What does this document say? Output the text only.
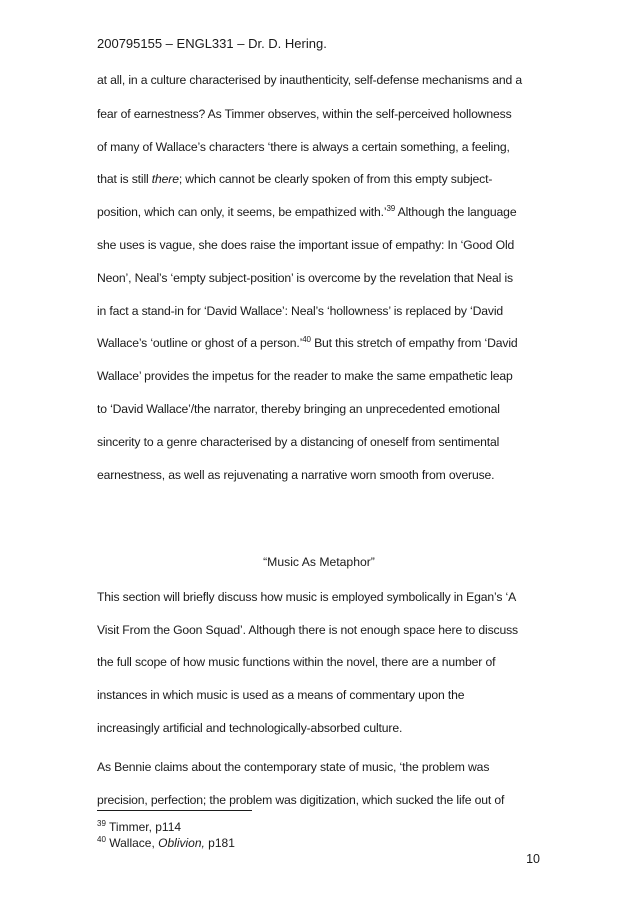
200795155 – ENGL331 – Dr. D. Hering.
at all, in a culture characterised by inauthenticity, self-defense mechanisms and a
fear of earnestness? As Timmer observes, within the self-perceived hollowness
of many of Wallace’s characters ‘there is always a certain something, a feeling,
that is still there; which cannot be clearly spoken of from this empty subject-
position, which can only, it seems, be empathized with.’$^{39}$ Although the language
she uses is vague, she does raise the important issue of empathy: In ‘Good Old
Neon’, Neal’s ‘empty subject-position’ is overcome by the revelation that Neal is
in fact a stand-in for ‘David Wallace’: Neal’s ‘hollowness’ is replaced by ‘David
Wallace’s ‘outline or ghost of a person.’$^{40}$ But this stretch of empathy from ‘David
Wallace’ provides the impetus for the reader to make the same empathetic leap
to ‘David Wallace’/the narrator, thereby bringing an unprecedented emotional
sincerity to a genre characterised by a distancing of oneself from sentimental
earnestness, as well as rejuvenating a narrative worn smooth from overuse.
“Music As Metaphor”
This section will briefly discuss how music is employed symbolically in Egan’s ‘A
Visit From the Goon Squad’. Although there is not enough space here to discuss
the full scope of how music functions within the novel, there are a number of
instances in which music is used as a means of commentary upon the
increasingly artificial and technologically-absorbed culture.
As Bennie claims about the contemporary state of music, ‘the problem was
precision, perfection; the problem was digitization, which sucked the life out of
$^{39}$ Timmer, p114
$^{40}$ Wallace, Oblivion, p181
10
